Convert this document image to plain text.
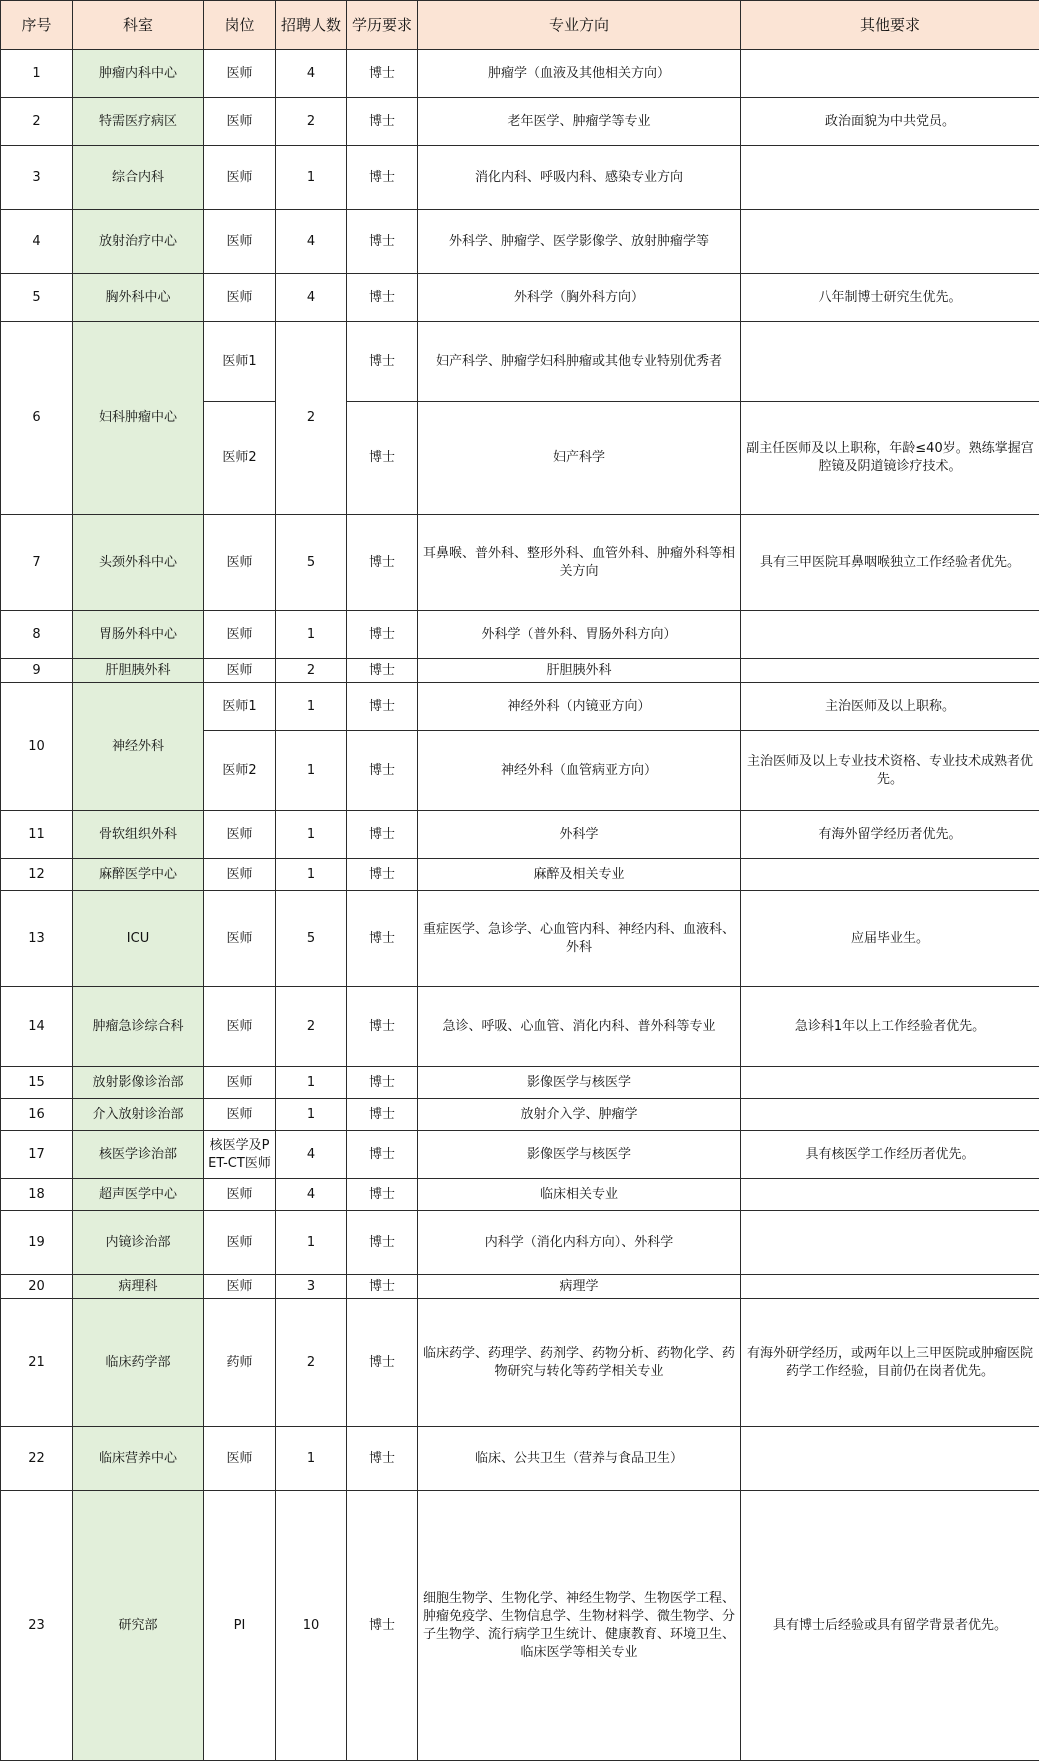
序号	科室	岗位	招聘人数	学历要求	专业方向	其他要求
1	肿瘤内科中心	医师	4	博士	肿瘤学（血液及其他相关方向）	
2	特需医疗病区	医师	2	博士	老年医学、肿瘤学等专业	政治面貌为中共党员。
3	综合内科	医师	1	博士	消化内科、呼吸内科、感染专业方向	
4	放射治疗中心	医师	4	博士	外科学、肿瘤学、医学影像学、放射肿瘤学等	
5	胸外科中心	医师	4	博士	外科学（胸外科方向）	八年制博士研究生优先。
6	妇科肿瘤中心	医师1	2	博士	妇产科学、肿瘤学妇科肿瘤或其他专业特别优秀者	
		医师2		博士	妇产科学	副主任医师及以上职称，年龄≤40岁。熟练掌握宫腔镜及阴道镜诊疗技术。
7	头颈外科中心	医师	5	博士	耳鼻喉、普外科、整形外科、血管外科、肿瘤外科等相关方向	具有三甲医院耳鼻咽喉独立工作经验者优先。
8	胃肠外科中心	医师	1	博士	外科学（普外科、胃肠外科方向）	
9	肝胆胰外科	医师	2	博士	肝胆胰外科	
10	神经外科	医师1	1	博士	神经外科（内镜亚方向）	主治医师及以上职称。
		医师2	1	博士	神经外科（血管病亚方向）	主治医师及以上专业技术资格、专业技术成熟者优先。
11	骨软组织外科	医师	1	博士	外科学	有海外留学经历者优先。
12	麻醉医学中心	医师	1	博士	麻醉及相关专业	
13	ICU	医师	5	博士	重症医学、急诊学、心血管内科、神经内科、血液科、外科	应届毕业生。
14	肿瘤急诊综合科	医师	2	博士	急诊、呼吸、心血管、消化内科、普外科等专业	急诊科1年以上工作经验者优先。
15	放射影像诊治部	医师	1	博士	影像医学与核医学	
16	介入放射诊治部	医师	1	博士	放射介入学、肿瘤学	
17	核医学诊治部	核医学及PET-CT医师	4	博士	影像医学与核医学	具有核医学工作经历者优先。
18	超声医学中心	医师	4	博士	临床相关专业	
19	内镜诊治部	医师	1	博士	内科学（消化内科方向）、外科学	
20	病理科	医师	3	博士	病理学	
21	临床药学部	药师	2	博士	临床药学、药理学、药剂学、药物分析、药物化学、药物研究与转化等药学相关专业	有海外研学经历，或两年以上三甲医院或肿瘤医院药学工作经验，目前仍在岗者优先。
22	临床营养中心	医师	1	博士	临床、公共卫生（营养与食品卫生）	
23	研究部	PI	10	博士	细胞生物学、生物化学、神经生物学、生物医学工程、肿瘤免疫学、生物信息学、生物材料学、微生物学、分子生物学、流行病学卫生统计、健康教育、环境卫生、临床医学等相关专业	具有博士后经验或具有留学背景者优先。
